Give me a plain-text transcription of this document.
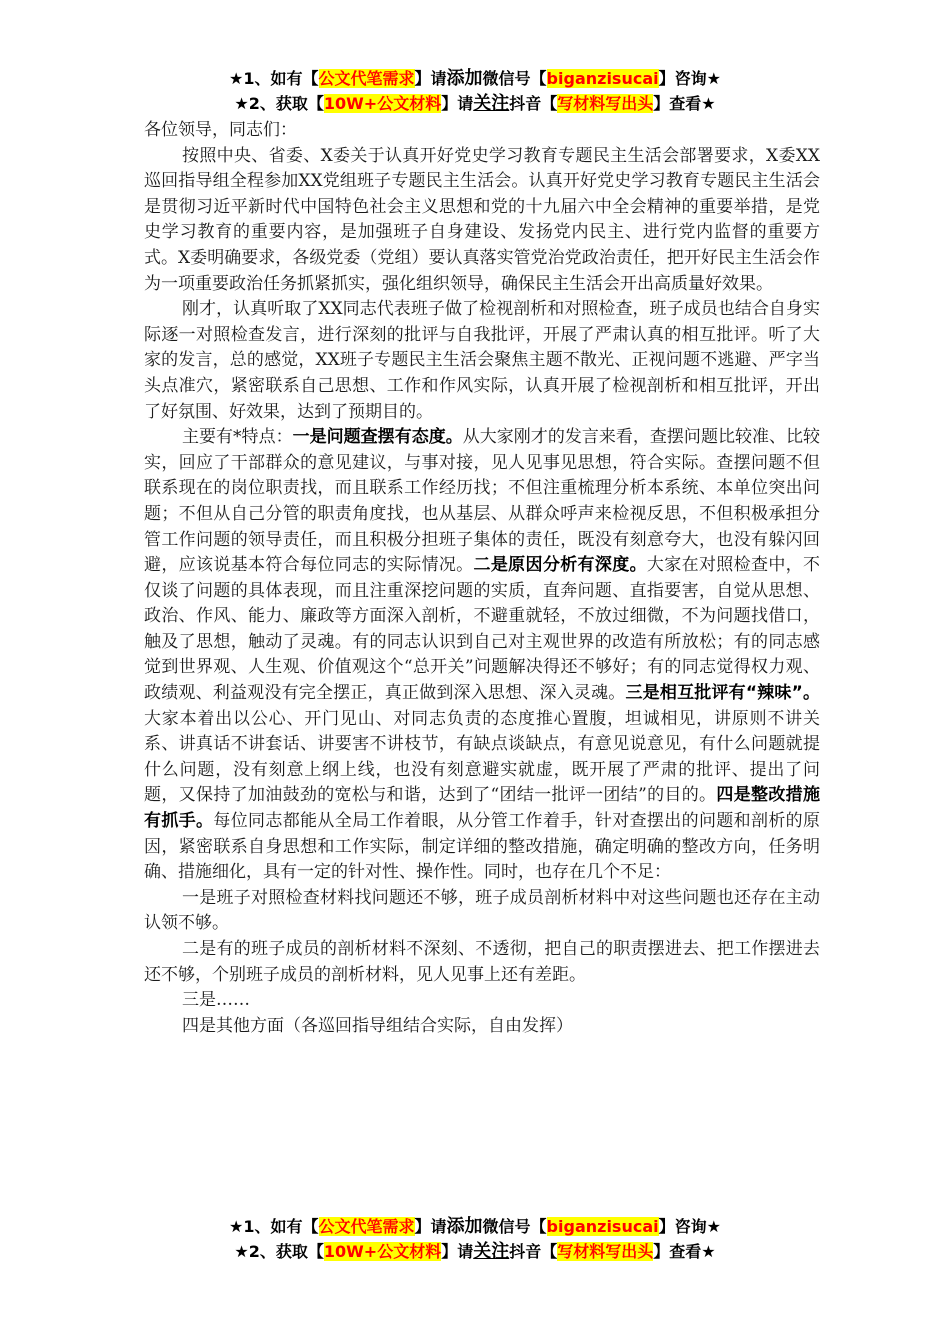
★1、如有【公文代笔需求】请添加微信号【biganzisucai】咨询★
★2、获取【10W+公文材料】请关注抖音【写材料写出头】查看★

各位领导，同志们：

按照中央、省委、X委关于认真开好党史学习教育专题民主生活会部署要求，X委XX巡回指导组全程参加XX党组班子专题民主生活会。认真开好党史学习教育专题民主生活会是贯彻习近平新时代中国特色社会主义思想和党的十九届六中全会精神的重要举措，是党史学习教育的重要内容，是加强班子自身建设、发扬党内民主、进行党内监督的重要方式。X委明确要求，各级党委（党组）要认真落实管党治党政治责任，把开好民主生活会作为一项重要政治任务抓紧抓实，强化组织领导，确保民主生活会开出高质量好效果。

刚才，认真听取了XX同志代表班子做了检视剖析和对照检查，班子成员也结合自身实际逐一对照检查发言，进行深刻的批评与自我批评，开展了严肃认真的相互批评。听了大家的发言，总的感觉，XX班子专题民主生活会聚焦主题不散光、正视问题不逃避、严字当头点准穴，紧密联系自己思想、工作和作风实际，认真开展了检视剖析和相互批评，开出了好氛围、好效果，达到了预期目的。

主要有*特点：一是问题查摆有态度。从大家刚才的发言来看，查摆问题比较准、比较实，回应了干部群众的意见建议，与事对接，见人见事见思想，符合实际。查摆问题不但联系现在的岗位职责找，而且联系工作经历找；不但注重梳理分析本系统、本单位突出问题；不但从自己分管的职责角度找，也从基层、从群众呼声来检视反思，不但积极承担分管工作问题的领导责任，而且积极分担班子集体的责任，既没有刻意夸大，也没有躲闪回避，应该说基本符合每位同志的实际情况。二是原因分析有深度。大家在对照检查中，不仅谈了问题的具体表现，而且注重深挖问题的实质，直奔问题、直指要害，自觉从思想、政治、作风、能力、廉政等方面深入剖析，不避重就轻，不放过细微，不为问题找借口，触及了思想，触动了灵魂。有的同志认识到自己对主观世界的改造有所放松；有的同志感觉到世界观、人生观、价值观这个“总开关”问题解决得还不够好；有的同志觉得权力观、政绩观、利益观没有完全摆正，真正做到深入思想、深入灵魂。三是相互批评有“辣味”。大家本着出以公心、开门见山、对同志负责的态度推心置腹，坦诚相见，讲原则不讲关系、讲真话不讲套话、讲要害不讲枝节，有缺点谈缺点，有意见说意见，有什么问题就提什么问题，没有刻意上纲上线，也没有刻意避实就虚，既开展了严肃的批评、提出了问题，又保持了加油鼓劲的宽松与和谐，达到了“团结一批评一团结”的目的。四是整改措施有抓手。每位同志都能从全局工作着眼，从分管工作着手，针对查摆出的问题和剖析的原因，紧密联系自身思想和工作实际，制定详细的整改措施，确定明确的整改方向，任务明确、措施细化，具有一定的针对性、操作性。同时，也存在几个不足：

一是班子对照检查材料找问题还不够，班子成员剖析材料中对这些问题也还存在主动认领不够。

二是有的班子成员的剖析材料不深刻、不透彻，把自己的职责摆进去、把工作摆进去还不够，个别班子成员的剖析材料，见人见事上还有差距。

三是……

四是其他方面（各巡回指导组结合实际，自由发挥）

★1、如有【公文代笔需求】请添加微信号【biganzisucai】咨询★
★2、获取【10W+公文材料】请关注抖音【写材料写出头】查看★
